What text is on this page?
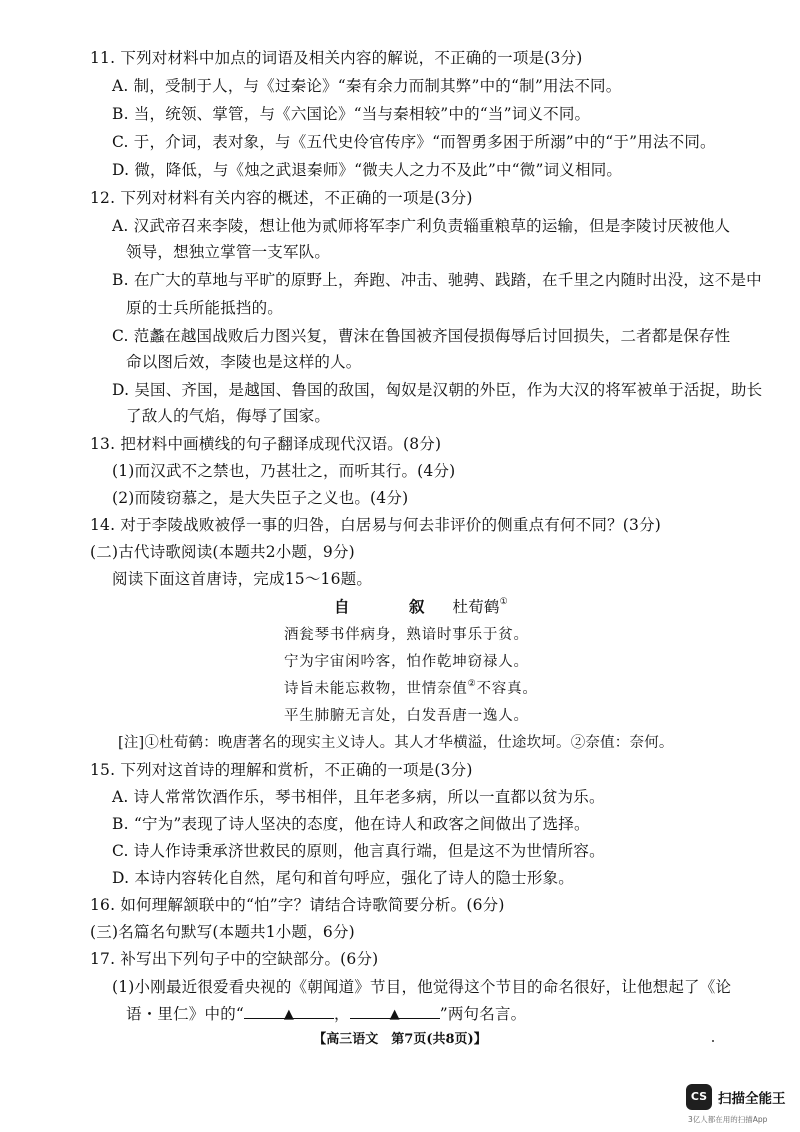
11. 下列对材料中加点的词语及相关内容的解说，不正确的一项是(3分)
A. 制，受制于人，与《过秦论》“秦有余力而制其弊”中的“制”用法不同。
B. 当，统领、掌管，与《六国论》“当与秦相较”中的“当”词义不同。
C. 于，介词，表对象，与《五代史伶官传序》“而智勇多困于所溺”中的“于”用法不同。
D. 微，降低，与《烛之武退秦师》“微夫人之力不及此”中“微”词义相同。
12. 下列对材料有关内容的概述，不正确的一项是(3分)
A. 汉武帝召来李陵，想让他为贰师将军李广利负责辎重粮草的运输，但是李陵讨厌被他人
领导，想独立掌管一支军队。
B. 在广大的草地与平旷的原野上，奔跑、冲击、驰骋、践踏，在千里之内随时出没，这不是中
原的士兵所能抵挡的。
C. 范蠡在越国战败后力图兴复，曹沫在鲁国被齐国侵损侮辱后讨回损失，二者都是保存性
命以图后效，李陵也是这样的人。
D. 吴国、齐国，是越国、鲁国的敌国，匈奴是汉朝的外臣，作为大汉的将军被单于活捉，助长
了敌人的气焰，侮辱了国家。
13. 把材料中画横线的句子翻译成现代汉语。(8分)
(1)而汉武不之禁也，乃甚壮之，而听其行。(4分)
(2)而陵窃慕之，是大失臣子之义也。(4分)
14. 对于李陵战败被俘一事的归咎，白居易与何去非评价的侧重点有何不同？(3分)
(二)古代诗歌阅读(本题共2小题，9分)
阅读下面这首唐诗，完成15～16题。
自　叙 杜荀鹤①
酒瓮琴书伴病身，熟谙时事乐于贫。
宁为宇宙闲吟客，怕作乾坤窃禄人。
诗旨未能忘救物，世情奈值②不容真。
平生肺腑无言处，白发吾唐一逸人。
[注]①杜荀鹤：晚唐著名的现实主义诗人。其人才华横溢，仕途坎坷。②奈值：奈何。
15. 下列对这首诗的理解和赏析，不正确的一项是(3分)
A. 诗人常常饮酒作乐，琴书相伴，且年老多病，所以一直都以贫为乐。
B. “宁为”表现了诗人坚决的态度，他在诗人和政客之间做出了选择。
C. 诗人作诗秉承济世救民的原则，他言真行端，但是这不为世情所容。
D. 本诗内容转化自然，尾句和首句呼应，强化了诗人的隐士形象。
16. 如何理解颔联中的“怕”字？请结合诗歌简要分析。(6分)
(三)名篇名句默写(本题共1小题，6分)
17. 补写出下列句子中的空缺部分。(6分)
(1)小刚最近很爱看央视的《朝闻道》节目，他觉得这个节目的命名很好，让他想起了《论
语・里仁》中的“	▲	，	▲	”两句名言。
【高三语文　第7页(共8页)】
CS 扫描全能王
3亿人都在用的扫描App
